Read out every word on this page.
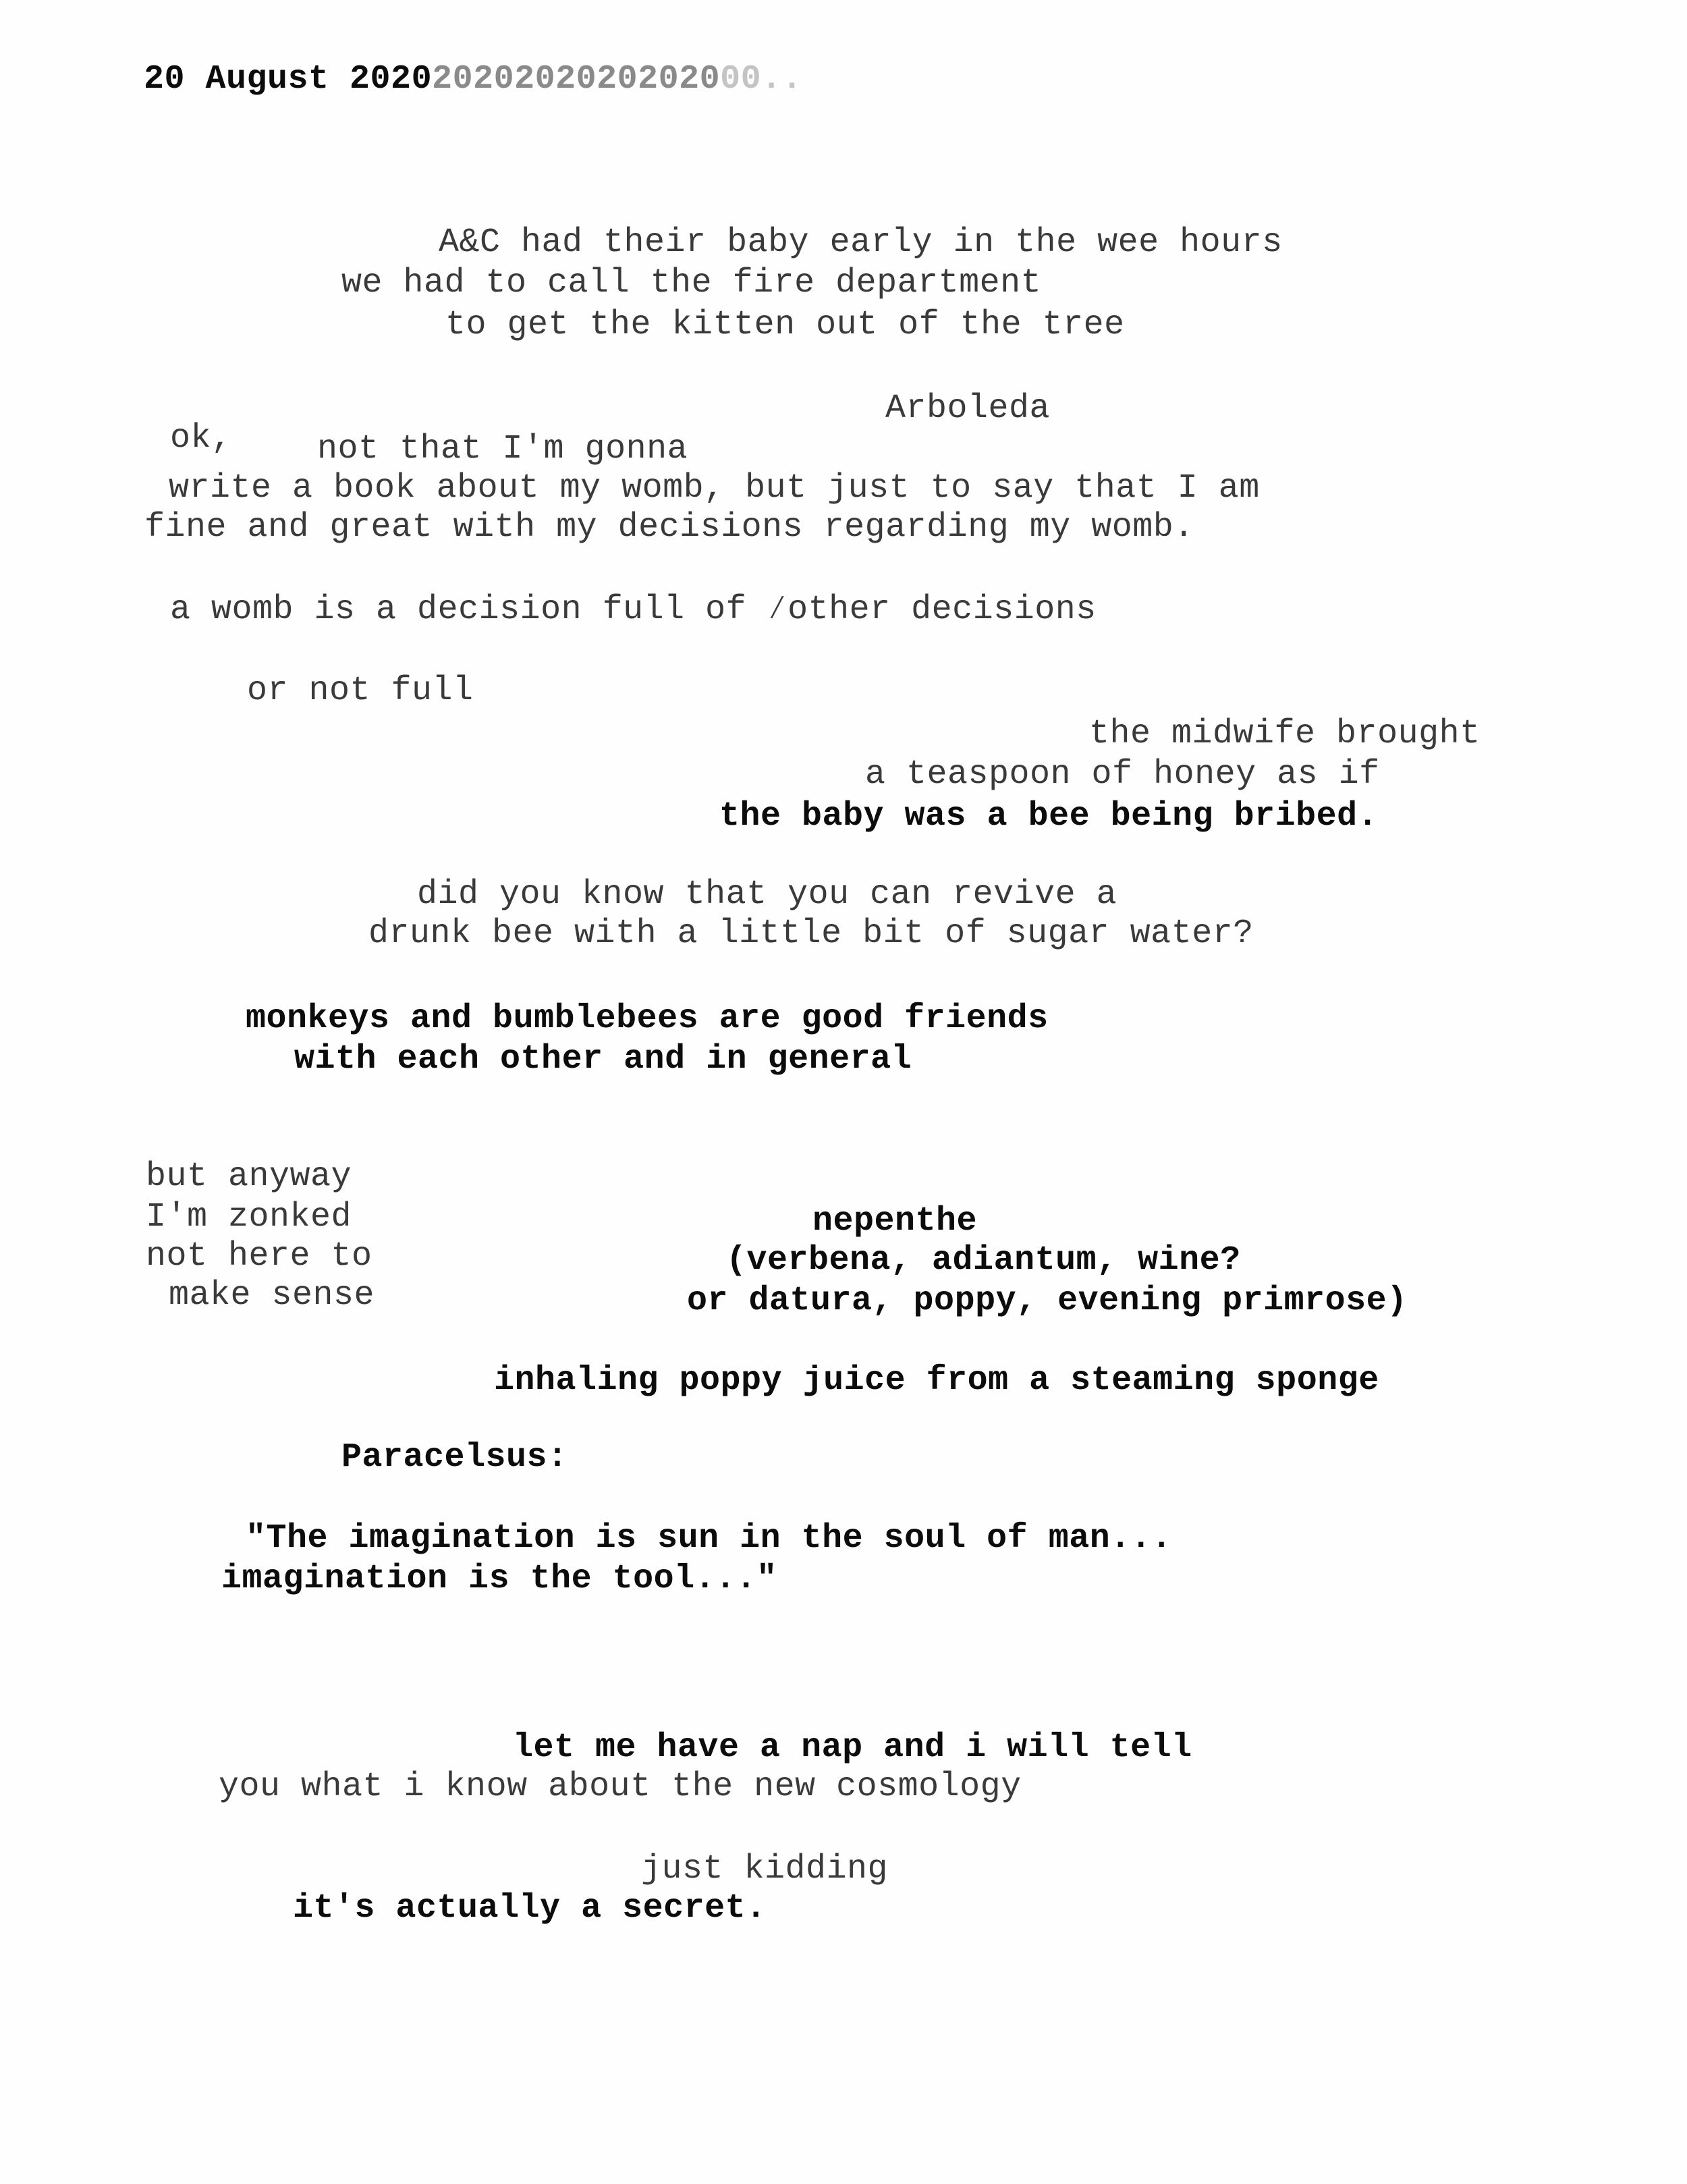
20 August 20202020202020202000..
A&C had their baby early in the wee hours
we had to call the fire department
to get the kitten out of the tree
Arboleda
ok,	not that I'm gonna
write a book about my womb, but just to say that I am
fine and great with my decisions regarding my womb.
a womb is a decision full of ∕other decisions
or not full
the midwife brought
a teaspoon of honey as if
the baby was a bee being bribed.
did you know that you can revive a
drunk bee with a little bit of sugar water?
monkeys and bumblebees are good friends
with each other and in general
but anyway
I'm zonked
not here to
make sense
nepenthe
(verbena, adiantum, wine?
or datura, poppy, evening primrose)
inhaling poppy juice from a steaming sponge
Paracelsus:
"The imagination is sun in the soul of man...
imagination is the tool..."
let me have a nap and i will tell
you what i know about the new cosmology
just kidding
it's actually a secret.
